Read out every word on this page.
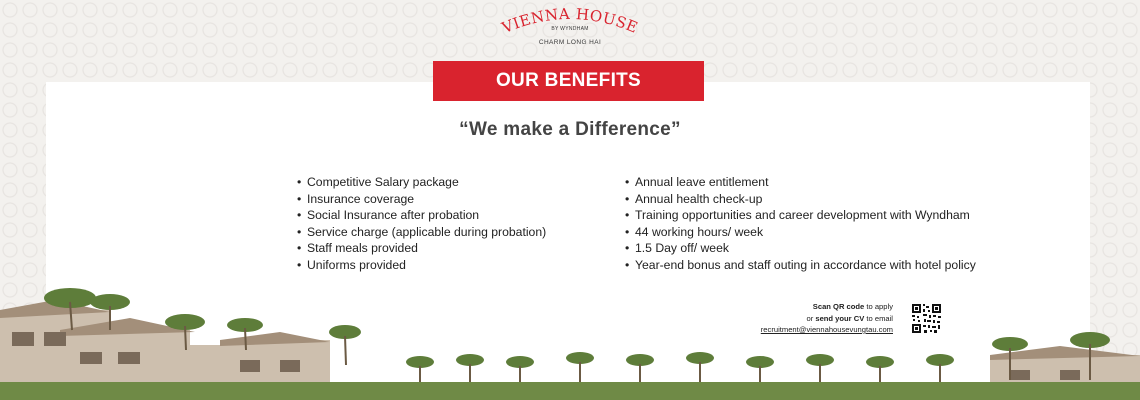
VIENNA HOUSE
BY WYNDHAM
CHARM LONG HAI
OUR BENEFITS
“We make a Difference”
• Competitive Salary package
• Insurance coverage
• Social Insurance after probation
• Service charge (applicable during probation)
• Staff meals provided
• Uniforms provided
• Annual leave entitlement
• Annual health check-up
• Training opportunities and career development with Wyndham
• 44 working hours/ week
• 1.5 Day off/ week
• Year-end bonus and staff outing in accordance with hotel policy
Scan QR code to apply
or send your CV to email
recruitment@viennahousevungtau.com
